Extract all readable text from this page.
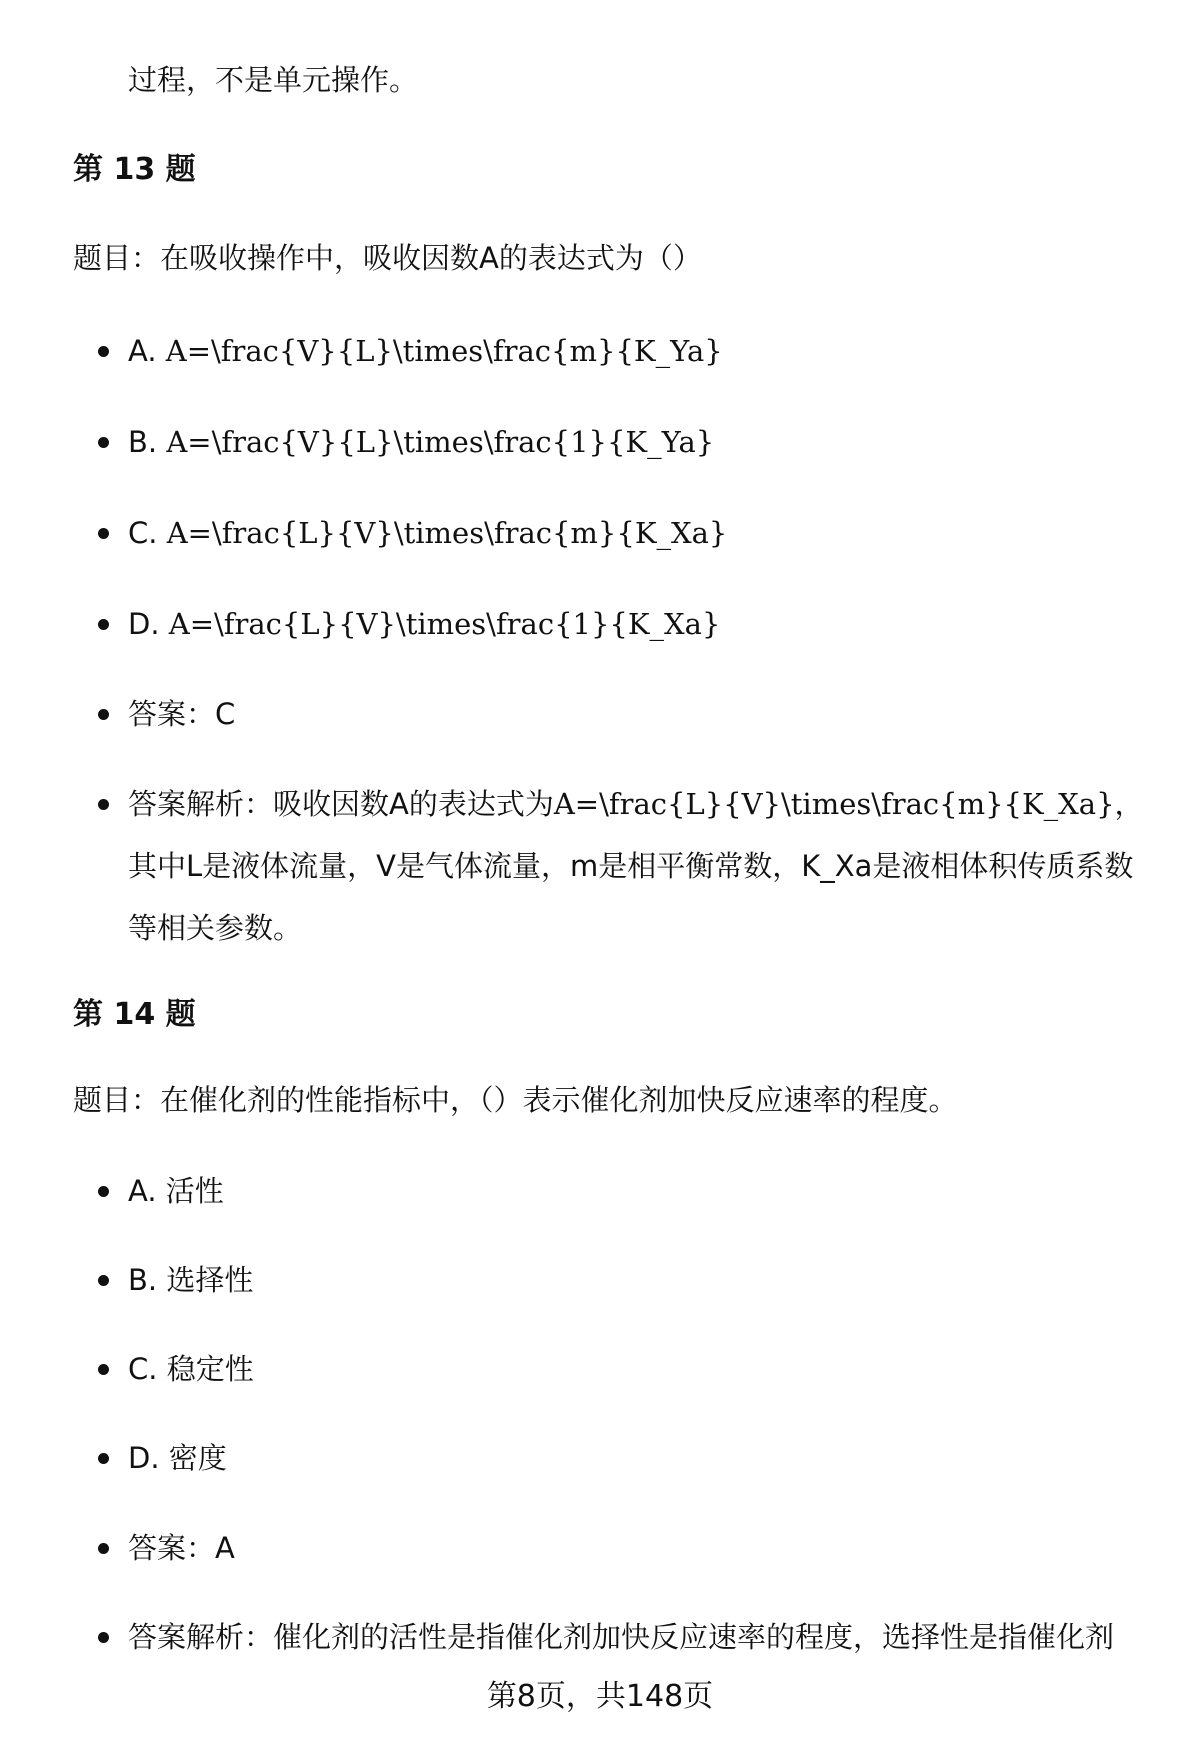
过程，不是单元操作。

第 13 题

题目：在吸收操作中，吸收因数A的表达式为（）

A. A=\frac{V}{L}\times\frac{m}{K_Ya}
B. A=\frac{V}{L}\times\frac{1}{K_Ya}
C. A=\frac{L}{V}\times\frac{m}{K_Xa}
D. A=\frac{L}{V}\times\frac{1}{K_Xa}
答案：C
答案解析：吸收因数A的表达式为A=\frac{L}{V}\times\frac{m}{K_Xa}，其中L是液体流量，V是气体流量，m是相平衡常数，K_Xa是液相体积传质系数等相关参数。
第 14 题

题目：在催化剂的性能指标中，（）表示催化剂加快反应速率的程度。

A. 活性
B. 选择性
C. 稳定性
D. 密度
答案：A
答案解析：催化剂的活性是指催化剂加快反应速率的程度，选择性是指催化剂

第8页，共148页
